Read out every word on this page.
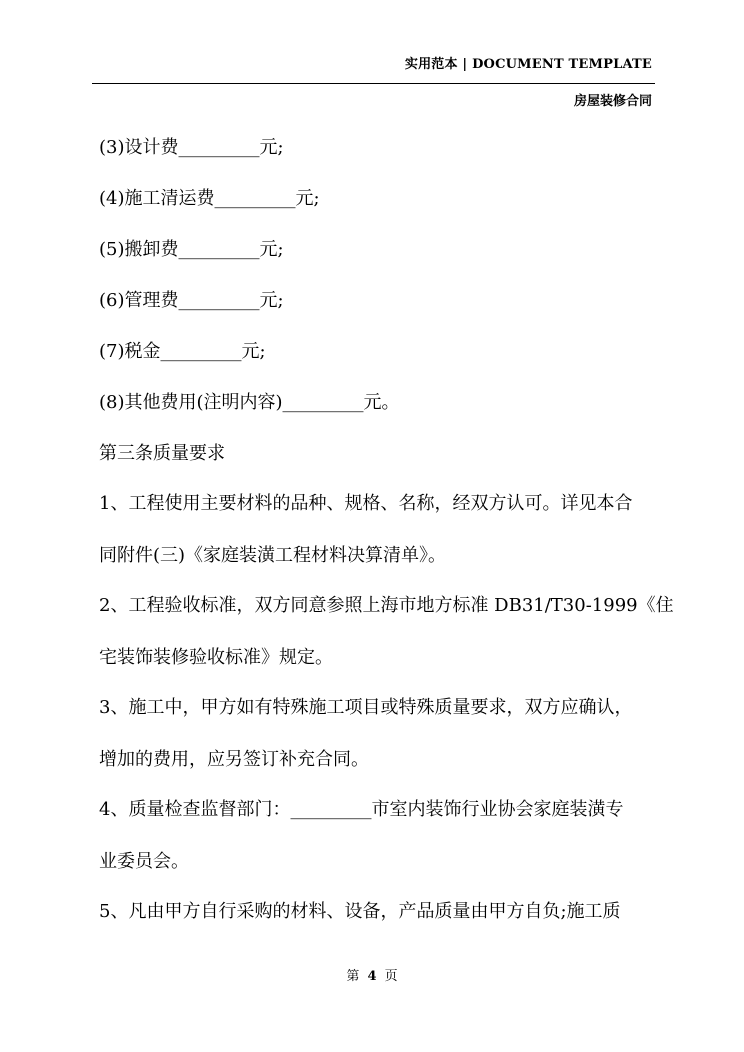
实用范本 | DOCUMENT TEMPLATE
房屋装修合同
(3)设计费_________元;
(4)施工清运费_________元;
(5)搬卸费_________元;
(6)管理费_________元;
(7)税金_________元;
(8)其他费用(注明内容)_________元。
第三条质量要求
1、工程使用主要材料的品种、规格、名称，经双方认可。详见本合
同附件(三)《家庭装潢工程材料决算清单》。
2、工程验收标准，双方同意参照上海市地方标准 DB31/T30-1999《住
宅装饰装修验收标准》规定。
3、施工中，甲方如有特殊施工项目或特殊质量要求，双方应确认，
增加的费用，应另签订补充合同。
4、质量检查监督部门：_________市室内装饰行业协会家庭装潢专
业委员会。
5、凡由甲方自行采购的材料、设备，产品质量由甲方自负;施工质
第 4 页
